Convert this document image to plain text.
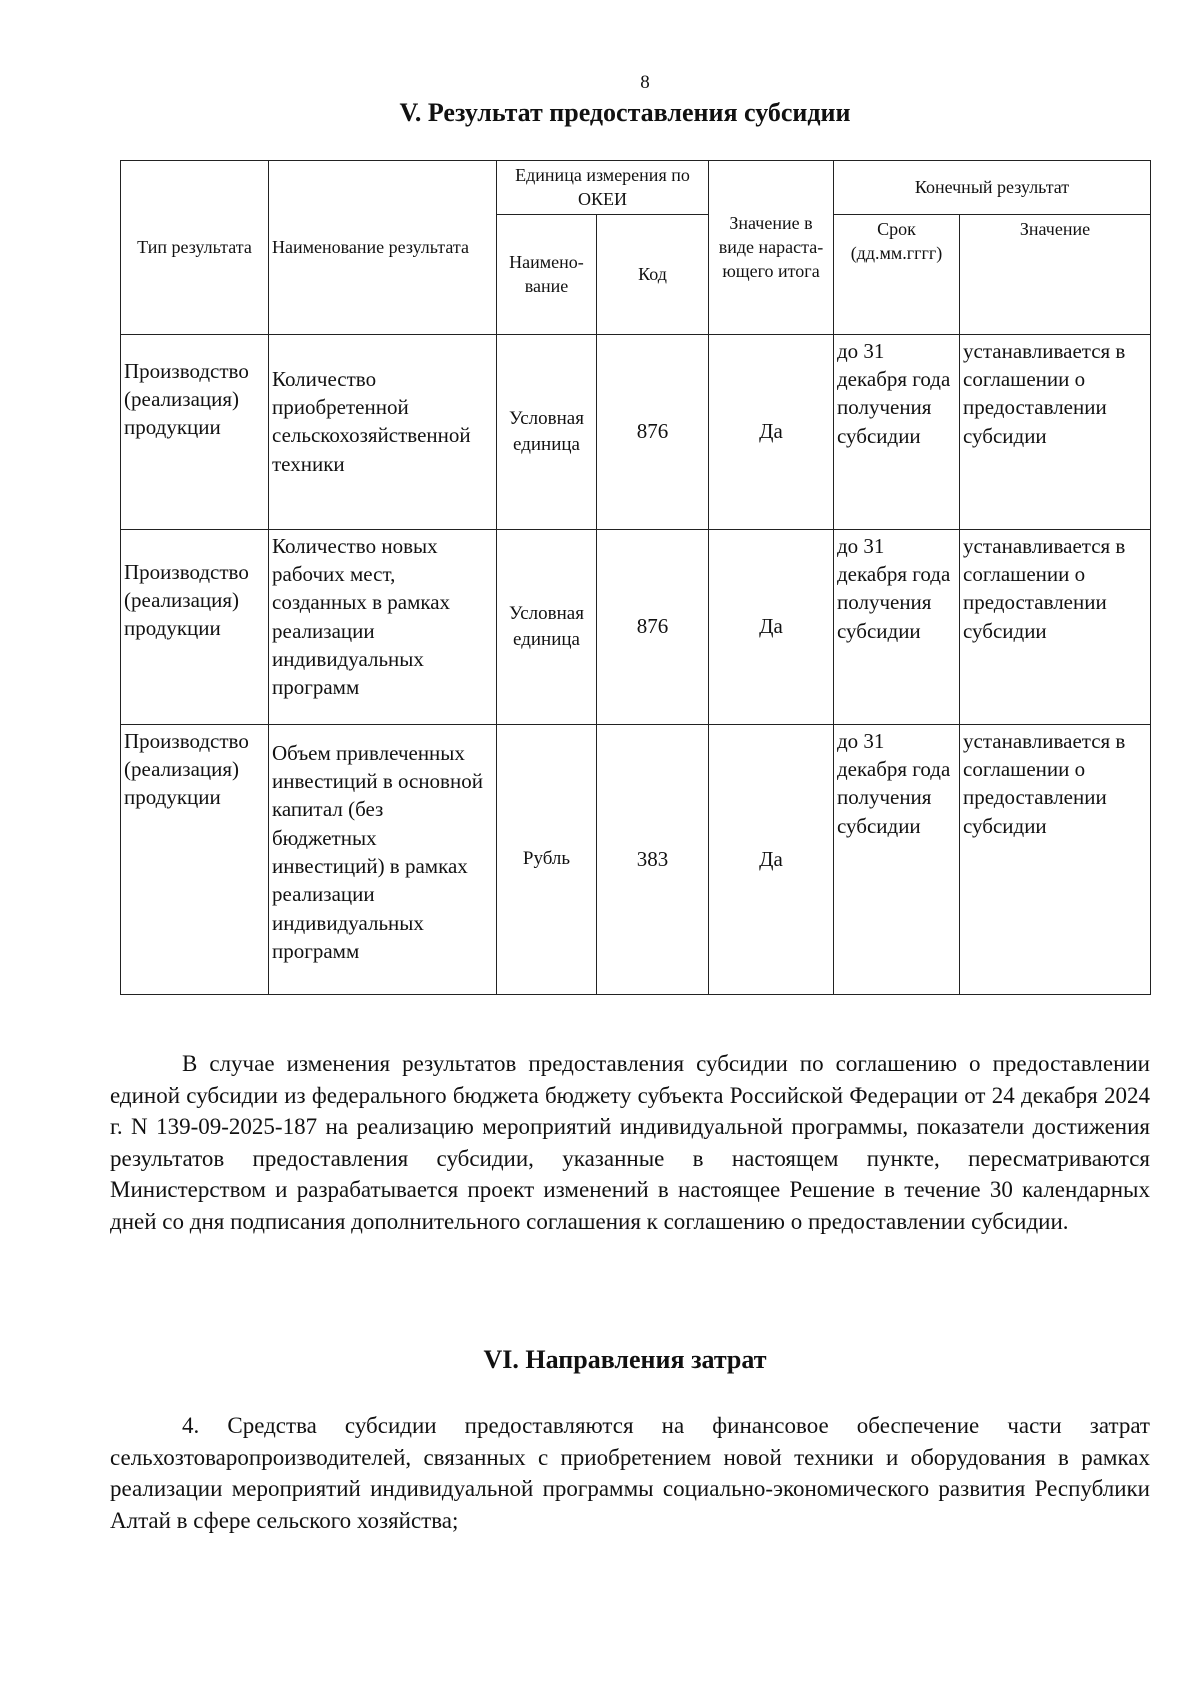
8
V. Результат предоставления субсидии
Тип результата	Наименование результата	Единица измерения по ОКЕИ		Значение в виде нараста-ющего итога	Конечный результат	
		Наимено-вание	Код		Срок (дд.мм.гггг)	Значение
Производство (реализация) продукции	Количество приобретенной сельскохозяйственной техники	Условная единица	876	Да	до 31 декабря года получения субсидии	устанавливается в соглашении о предоставлении субсидии
Производство (реализация) продукции	Количество новых рабочих мест, созданных в рамках реализации индивидуальных программ	Условная единица	876	Да	до 31 декабря года получения субсидии	устанавливается в соглашении о предоставлении субсидии
Производство (реализация) продукции	Объем привлеченных инвестиций в основной капитал (без бюджетных инвестиций) в рамках реализации индивидуальных программ	Рубль	383	Да	до 31 декабря года получения субсидии	устанавливается в соглашении о предоставлении субсидии
В случае изменения результатов предоставления субсидии по соглашению о предоставлении единой субсидии из федерального бюджета бюджету субъекта Российской Федерации от 24 декабря 2024 г. N 139-09-2025-187 на реализацию мероприятий индивидуальной программы, показатели достижения результатов предоставления субсидии, указанные в настоящем пункте, пересматриваются Министерством и разрабатывается проект изменений в настоящее Решение в течение 30 календарных дней со дня подписания дополнительного соглашения к соглашению о предоставлении субсидии.
VI. Направления затрат
4. Средства субсидии предоставляются на финансовое обеспечение части затрат сельхозтоваропроизводителей, связанных с приобретением новой техники и оборудования в рамках реализации мероприятий индивидуальной программы социально-экономического развития Республики Алтай в сфере сельского хозяйства;
